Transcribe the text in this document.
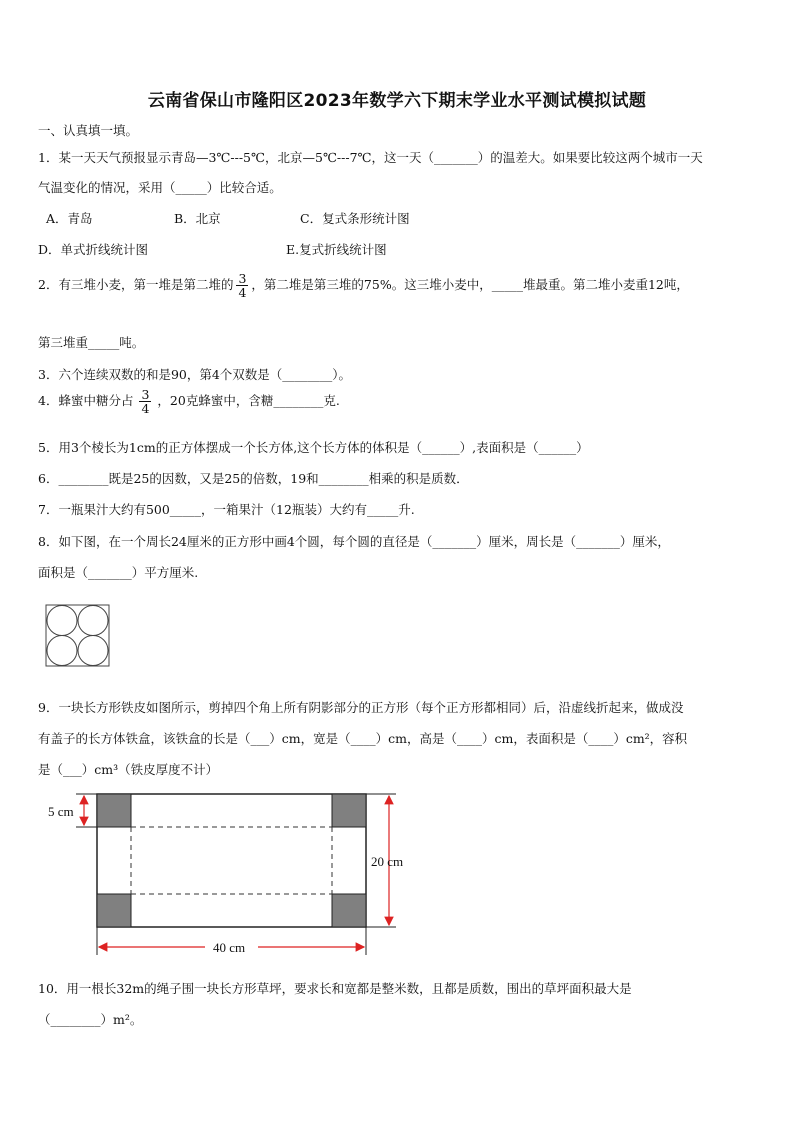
云南省保山市隆阳区2023年数学六下期末学业水平测试模拟试题
一、认真填一填。
1．某一天天气预报显示青岛—3℃---5℃，北京—5℃---7℃，这一天（_______）的温差大。如果要比较这两个城市一天
气温变化的情况，采用（_____）比较合适。
A．青岛	B．北京	C．复式条形统计图
D．单式折线统计图	E.复式折线统计图
2．有三堆小麦，第一堆是第二堆的 $\frac{3}{4}$ ，第二堆是第三堆的75%。这三堆小麦中，_____堆最重。第二堆小麦重12吨，
第三堆重_____吨。
3．六个连续双数的和是90，第4个双数是（________）。
4．蜂蜜中糖分占 $\frac{3}{4}$ ，20克蜂蜜中，含糖________克.
5．用3个棱长为1cm的正方体摆成一个长方体,这个长方体的体积是（______）,表面积是（______）
6．________既是25的因数，又是25的倍数，19和________相乘的积是质数．
7．一瓶果汁大约有500_____，一箱果汁（12瓶装）大约有_____升.
8．如下图，在一个周长24厘米的正方形中画4个圆，每个圆的直径是（_______）厘米，周长是（_______）厘米，
面积是（_______）平方厘米.
9．一块长方形铁皮如图所示，剪掉四个角上所有阴影部分的正方形（每个正方形都相同）后，沿虚线折起来，做成没
有盖子的长方体铁盒，该铁盒的长是（___）cm，宽是（____）cm，高是（____）cm，表面积是（____）cm²，容积
是（___）cm³（铁皮厚度不计）
5 cm
20 cm
40 cm
10．用一根长32m的绳子围一块长方形草坪，要求长和宽都是整米数，且都是质数，围出的草坪面积最大是
（________）m²。
